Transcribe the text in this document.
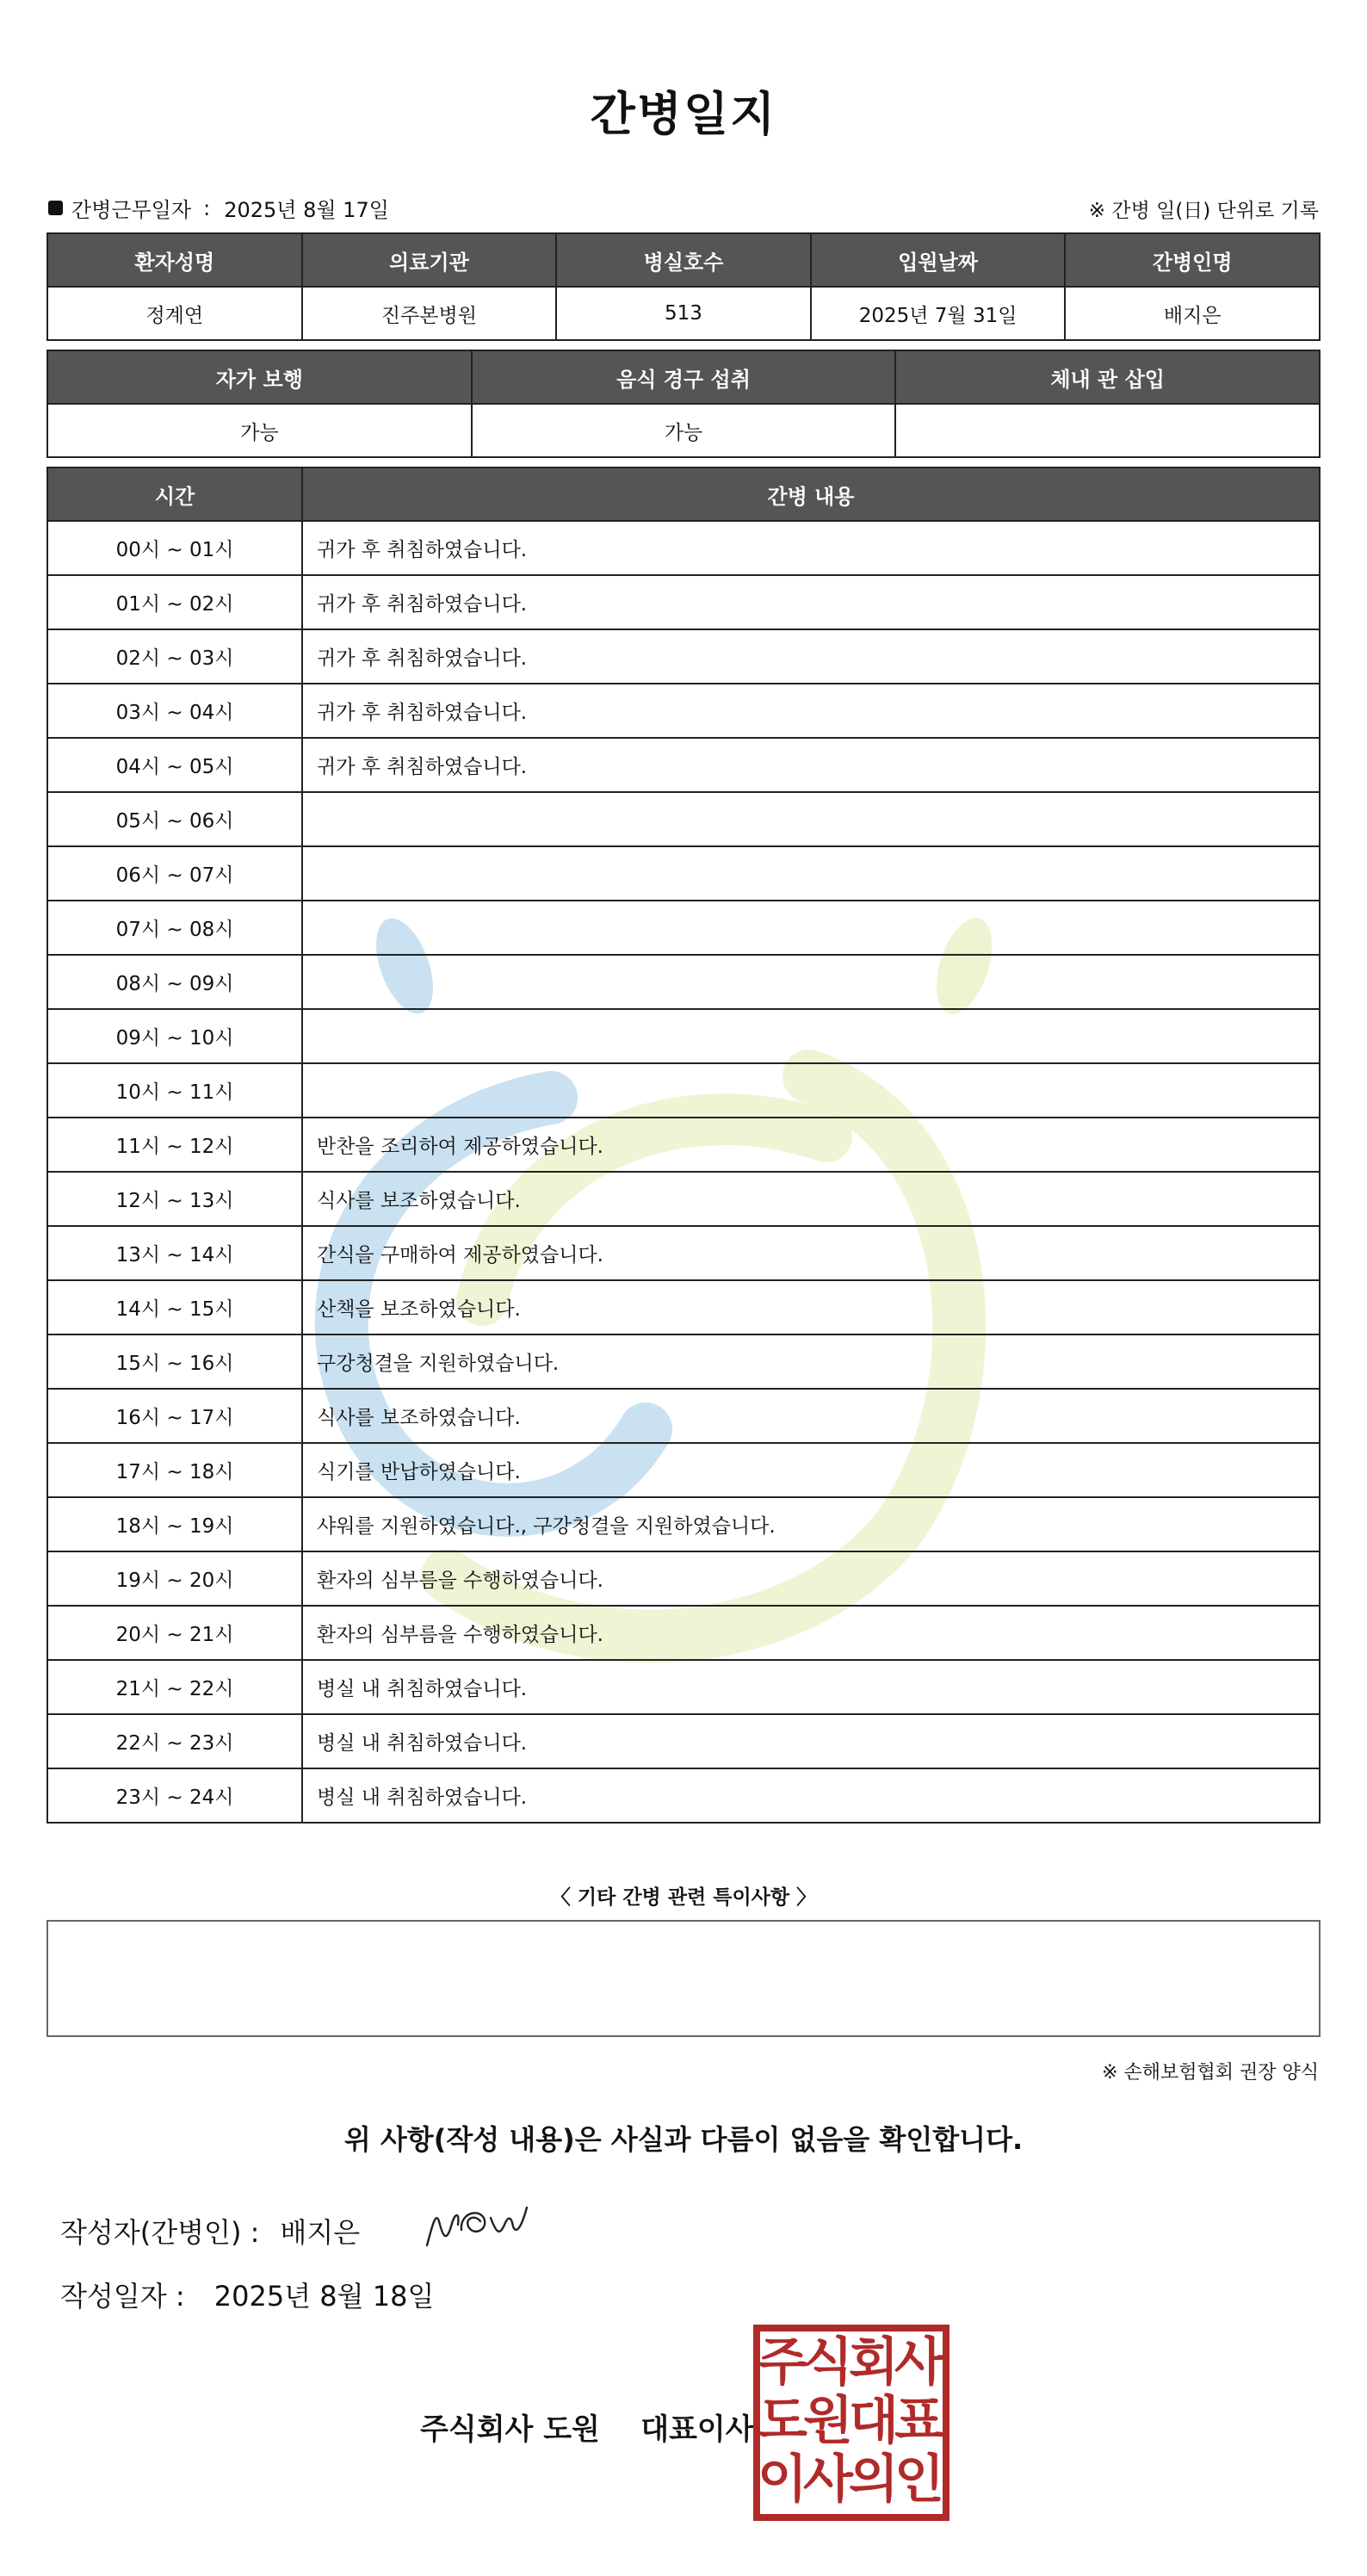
간병일지
간병근무일자 : 2025년 8월 17일	※ 간병 일(日) 단위로 기록
환자성명	의료기관	병실호수	입원날짜	간병인명
정계연	진주본병원	513	2025년 7월 31일	배지은
자가 보행	음식 경구 섭취	체내 관 삽입
가능	가능	
시간	간병 내용
00시 ~ 01시	귀가 후 취침하였습니다.
01시 ~ 02시	귀가 후 취침하였습니다.
02시 ~ 03시	귀가 후 취침하였습니다.
03시 ~ 04시	귀가 후 취침하였습니다.
04시 ~ 05시	귀가 후 취침하였습니다.
05시 ~ 06시	
06시 ~ 07시	
07시 ~ 08시	
08시 ~ 09시	
09시 ~ 10시	
10시 ~ 11시	
11시 ~ 12시	반찬을 조리하여 제공하였습니다.
12시 ~ 13시	식사를 보조하였습니다.
13시 ~ 14시	간식을 구매하여 제공하였습니다.
14시 ~ 15시	산책을 보조하였습니다.
15시 ~ 16시	구강청결을 지원하였습니다.
16시 ~ 17시	식사를 보조하였습니다.
17시 ~ 18시	식기를 반납하였습니다.
18시 ~ 19시	샤워를 지원하였습니다., 구강청결을 지원하였습니다.
19시 ~ 20시	환자의 심부름을 수행하였습니다.
20시 ~ 21시	환자의 심부름을 수행하였습니다.
21시 ~ 22시	병실 내 취침하였습니다.
22시 ~ 23시	병실 내 취침하였습니다.
23시 ~ 24시	병실 내 취침하였습니다.
〈 기타 간병 관련 특이사항 〉
※ 손해보험협회 권장 양식
위 사항(작성 내용)은 사실과 다름이 없음을 확인합니다.
작성자(간병인) : 배지은
작성일자 : 2025년 8월 18일
주식회사 도원    대표이사
주
식
회
사
도
원
대
표
이
사
의
인
